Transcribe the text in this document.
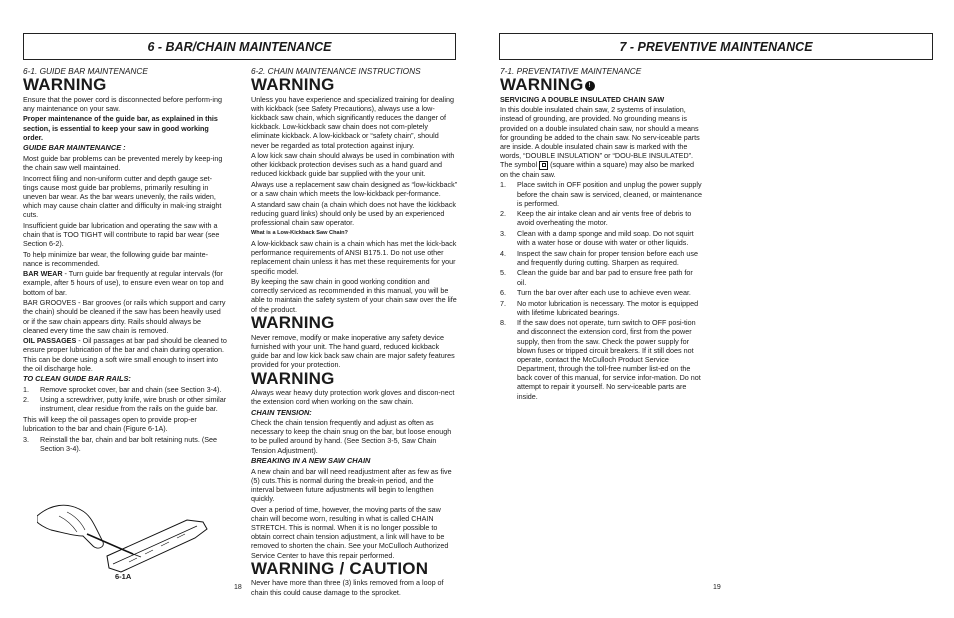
6 - BAR/CHAIN MAINTENANCE

6-1. GUIDE BAR MAINTENANCE

WARNING

Ensure that the power cord is disconnected before perform-ing any maintenance on your saw.

Proper maintenance of the guide bar, as explained in this section, is essential to keep your saw in good working order.

GUIDE BAR MAINTENANCE :

Most guide bar problems can be prevented merely by keep-ing the chain saw well maintained.

Incorrect filing and non-uniform cutter and depth gauge set-tings cause most guide bar problems, primarily resulting in uneven bar wear. As the bar wears unevenly, the rails widen, which may cause chain clatter and difficulty in mak-ing straight cuts.

Insufficient guide bar lubrication and operating the saw with a chain that is TOO TIGHT will contribute to rapid bar wear (see Section 6-2).

To help minimize bar wear, the following guide bar mainte-nance is recommended.

BAR WEAR - Turn guide bar frequently at regular intervals (for example, after 5 hours of use), to ensure even wear on top and bottom of bar.

BAR GROOVES - Bar grooves (or rails which support and carry the chain) should be cleaned if the saw has been heavily used or if the saw chain appears dirty. Rails should always be cleaned every time the saw chain is removed.

OIL PASSAGES - Oil passages at bar pad should be cleaned to ensure proper lubrication of the bar and chain during operation. This can be done using a soft wire small enough to insert into the oil discharge hole.

TO CLEAN GUIDE BAR RAILS:

1.	Remove sprocket cover, bar and chain (see Section 3-4).
2.	Using a screwdriver, putty knife, wire brush or other similar instrument, clear residue from the rails on the guide bar.

This will keep the oil passages open to provide prop-er lubrication to the bar and chain (Figure 6-1A).

3.	Reinstall the bar, chain and bar bolt retaining nuts. (See Section 3-4).
6-1A

6-2. CHAIN MAINTENANCE INSTRUCTIONS

WARNING

Unless you have experience and specialized training for dealing with kickback (see Safety Precautions), always use a low-kickback saw chain, which significantly reduces the danger of kickback. Low-kickback saw chain does not com-pletely eliminate kickback. A low-kickback or “safety chain”, should never be regarded as total protection against injury.

A low kick saw chain should always be used in combination with other kickback protection devises such as a hand guard and reduced kickback guide bar supplied with the your unit.

Always use a replacement saw chain designed as “low-kickback” or a saw chain which meets the low-kickback per-formance.

A standard saw chain (a chain which does not have the kickback reducing guard links) should only be used by an experienced professional chain saw operator.

What is a Low-Kickback Saw Chain?

A low-kickback saw chain is a chain which has met the kick-back performance requirements of ANSI B175.1. Do not use other replacement chain unless it has met these requirements for your specific model.

By keeping the saw chain in good working condition and correctly serviced as recommended in this manual, you will be able to maintain the safety system of your chain saw over the life of the product.

WARNING

Never remove, modify or make inoperative any safety device furnished with your unit. The hand guard, reduced kickback guide bar and low kick back saw chain are major safety features provided for your protection.

WARNING

Always wear heavy duty protection work gloves and discon-nect the extension cord when working on the saw chain.

CHAIN TENSION:

Check the chain tension frequently and adjust as often as necessary to keep the chain snug on the bar, but loose enough to be pulled around by hand. (See Section 3-5, Saw Chain Tension Adjustment).

BREAKING IN A NEW SAW CHAIN

A new chain and bar will need readjustment after as few as five (5) cuts.This is normal during the break-in period, and the interval between future adjustments will begin to lengthen quickly.

Over a period of time, however, the moving parts of the saw chain will become worn, resulting in what is called CHAIN STRETCH. This is normal. When it is no longer possible to obtain correct chain tension adjustment, a link will have to be removed to shorten the chain. See your McCulloch Authorized Service Center to have this repair performed.

WARNING / CAUTION

Never have more than three (3) links removed from a loop of chain this could cause damage to the sprocket.

18
7 - PREVENTIVE MAINTENANCE

7-1. PREVENTATIVE MAINTENANCE

WARNING !

SERVICING A DOUBLE INSULATED CHAIN SAW

In this double insulated chain saw, 2 systems of insulation, instead of grounding, are provided. No grounding means is provided on a double insulated chain saw, nor should a means for grounding be added to the chain saw. No serv-iceable parts are inside. A double insulated chain saw is marked with the words, “DOUBLE INSULATION” or “DOU-BLE INSULATED”. The symbol (square within a square) may also be marked on the chain saw.

1.	Place switch in OFF position and unplug the power supply before the chain saw is serviced, cleaned, or maintenance is performed.
2.	Keep the air intake clean and air vents free of debris to avoid overheating the motor.
3.	Clean with a damp sponge and mild soap. Do not squirt with a water hose or douse with water or other liquids.
4.	Inspect the saw chain for proper tension before each use and frequently during cutting. Sharpen as required.
5.	Clean the guide bar and bar pad to ensure free path for oil.
6.	Turn the bar over after each use to achieve even wear.
7.	No motor lubrication is necessary. The motor is equipped with lifetime lubricated bearings.
8.	If the saw does not operate, turn switch to OFF posi-tion and disconnect the extension cord, first from the power supply, then from the saw. Check the power supply for blown fuses or tripped circuit breakers. If it still does not operate, contact the McCulloch Product Service Department, through the toll-free number list-ed on the back cover of this manual, for service infor-mation. Do not attempt to repair it yourself. No serv-iceable parts are inside.
19
